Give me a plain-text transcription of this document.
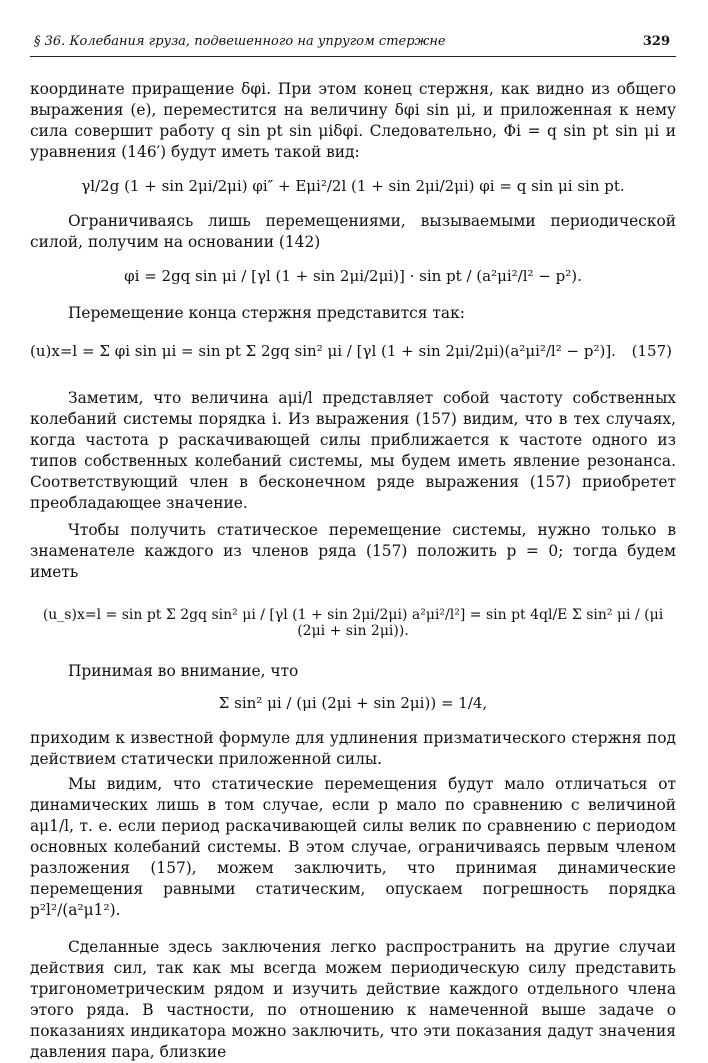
§ 36. Колебания груза, подвешенного на упругом стержне	329

координате приращение δφi. При этом конец стержня, как видно из общего выражения (e), переместится на величину δφi sin μi, и приложенная к нему сила совершит работу q sin pt sin μiδφi. Следовательно, Φi = q sin pt sin μi и уравнения (146′) будут иметь такой вид:

γl/2g (1 + sin 2μi/2μi) φi″ + Eμi²/2l (1 + sin 2μi/2μi) φi = q sin μi sin pt.

Ограничиваясь лишь перемещениями, вызываемыми периодической силой, получим на основании (142)

φi = 2gq sin μi / [γl (1 + sin 2μi/2μi)] · sin pt / (a²μi²/l² − p²).

Перемещение конца стержня представится так:

(u)x=l = Σ φi sin μi = sin pt Σ 2gq sin² μi / [γl (1 + sin 2μi/2μi)(a²μi²/l² − p²)]. (157)

Заметим, что величина aμi/l представляет собой частоту собственных колебаний системы порядка i. Из выражения (157) видим, что в тех случаях, когда частота p раскачивающей силы приближается к частоте одного из типов собственных колебаний системы, мы будем иметь явление резонанса. Соответствующий член в бесконечном ряде выражения (157) приобретет преобладающее значение.

Чтобы получить статическое перемещение системы, нужно только в знаменателе каждого из членов ряда (157) положить p = 0; тогда будем иметь

(u_s)x=l = sin pt Σ 2gq sin² μi / [γl (1 + sin 2μi/2μi) a²μi²/l²] = sin pt 4ql/E Σ sin² μi / (μi (2μi + sin 2μi)).

Принимая во внимание, что

Σ sin² μi / (μi (2μi + sin 2μi)) = 1/4,

приходим к известной формуле для удлинения призматического стержня под действием статически приложенной силы.

Мы видим, что статические перемещения будут мало отличаться от динамических лишь в том случае, если p мало по сравнению с величиной aμ1/l, т. е. если период раскачивающей силы велик по сравнению с периодом основных колебаний системы. В этом случае, ограничиваясь первым членом разложения (157), можем заключить, что принимая динамические перемещения равными статическим, опускаем погрешность порядка p²l²/(a²μ1²).

Сделанные здесь заключения легко распространить на другие случаи действия сил, так как мы всегда можем периодическую силу представить тригонометрическим рядом и изучить действие каждого отдельного члена этого ряда. В частности, по отношению к намеченной выше задаче о показаниях индикатора можно заключить, что эти показания дадут значения давления пара, близкие
